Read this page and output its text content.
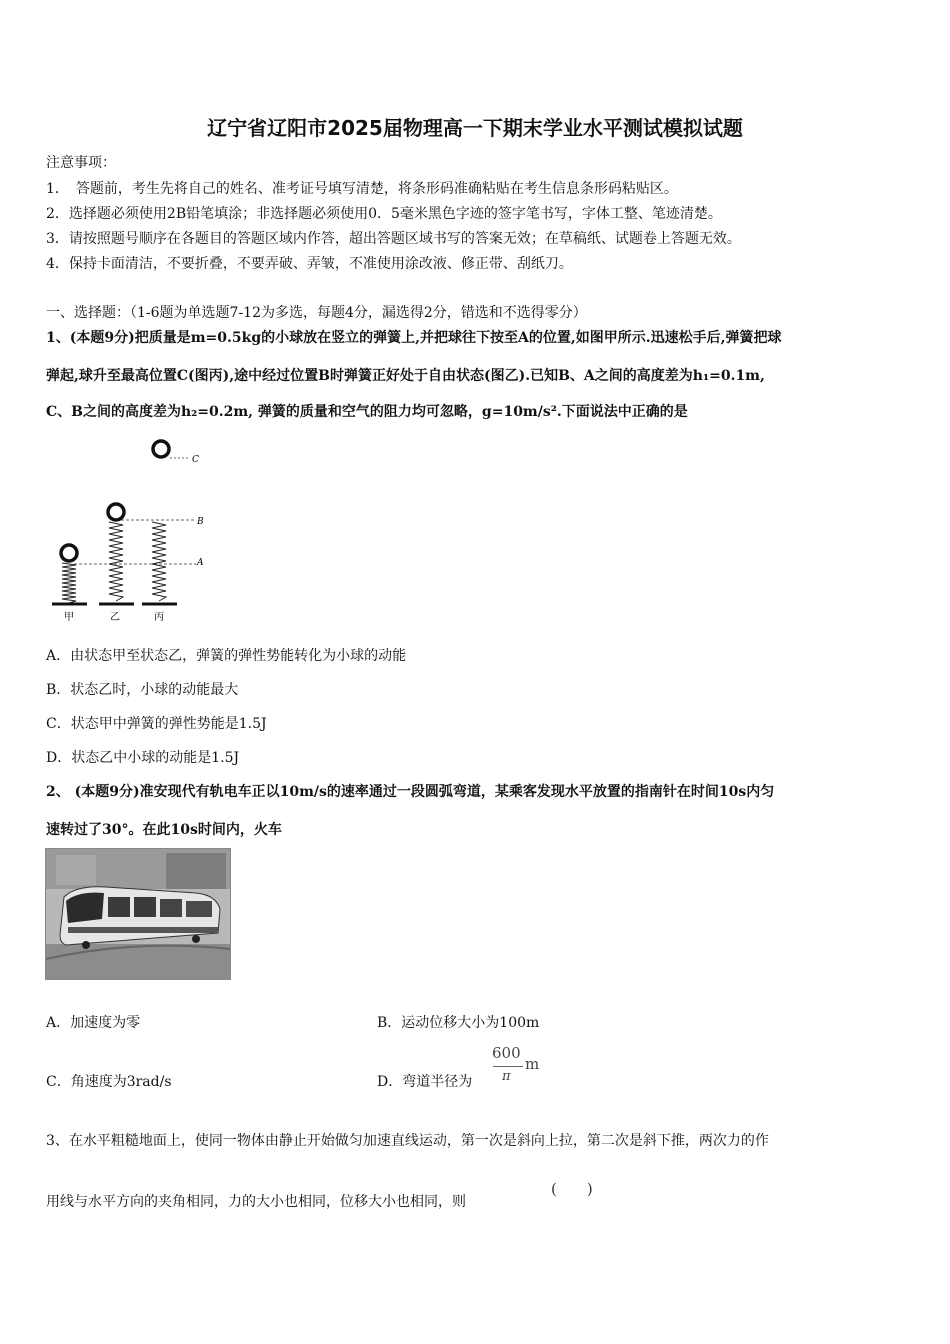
辽宁省辽阳市2025届物理高一下期末学业水平测试模拟试题
注意事项：
1．　答题前，考生先将自己的姓名、准考证号填写清楚，将条形码准确粘贴在考生信息条形码粘贴区。
2．选择题必须使用2B铅笔填涂；非选择题必须使用0．5毫米黑色字迹的签字笔书写，字体工整、笔迹清楚。
3．请按照题号顺序在各题目的答题区域内作答，超出答题区域书写的答案无效；在草稿纸、试题卷上答题无效。
4．保持卡面清洁，不要折叠，不要弄破、弄皱，不准使用涂改液、修正带、刮纸刀。
一、选择题：（1-6题为单选题7-12为多选，每题4分，漏选得2分，错选和不选得零分）
1、(本题9分)把质量是m=0.5kg的小球放在竖立的弹簧上,并把球往下按至A的位置,如图甲所示.迅速松手后,弹簧把球
弹起,球升至最高位置C(图丙),途中经过位置B时弹簧正好处于自由状态(图乙).已知B、A之间的高度差为h₁=0.1m,
C、B之间的高度差为h₂=0.2m, 弹簧的质量和空气的阻力均可忽略，g=10m/s².下面说法中正确的是
C
B
A
甲	乙	丙
A．由状态甲至状态乙，弹簧的弹性势能转化为小球的动能
B．状态乙时，小球的动能最大
C．状态甲中弹簧的弹性势能是1.5J
D．状态乙中小球的动能是1.5J
2、 (本题9分)准安现代有轨电车正以10m/s的速率通过一段圆弧弯道，某乘客发现水平放置的指南针在时间10s内匀
速转过了30°。在此10s时间内，火车
A．加速度为零	B．运动位移大小为100m
C．角速度为3rad/s	D．弯道半径为
600
π
m
3、在水平粗糙地面上，使同一物体由静止开始做匀加速直线运动，第一次是斜向上拉，第二次是斜下推，两次力的作
用线与水平方向的夹角相同，力的大小也相同，位移大小也相同，则
(　　)
